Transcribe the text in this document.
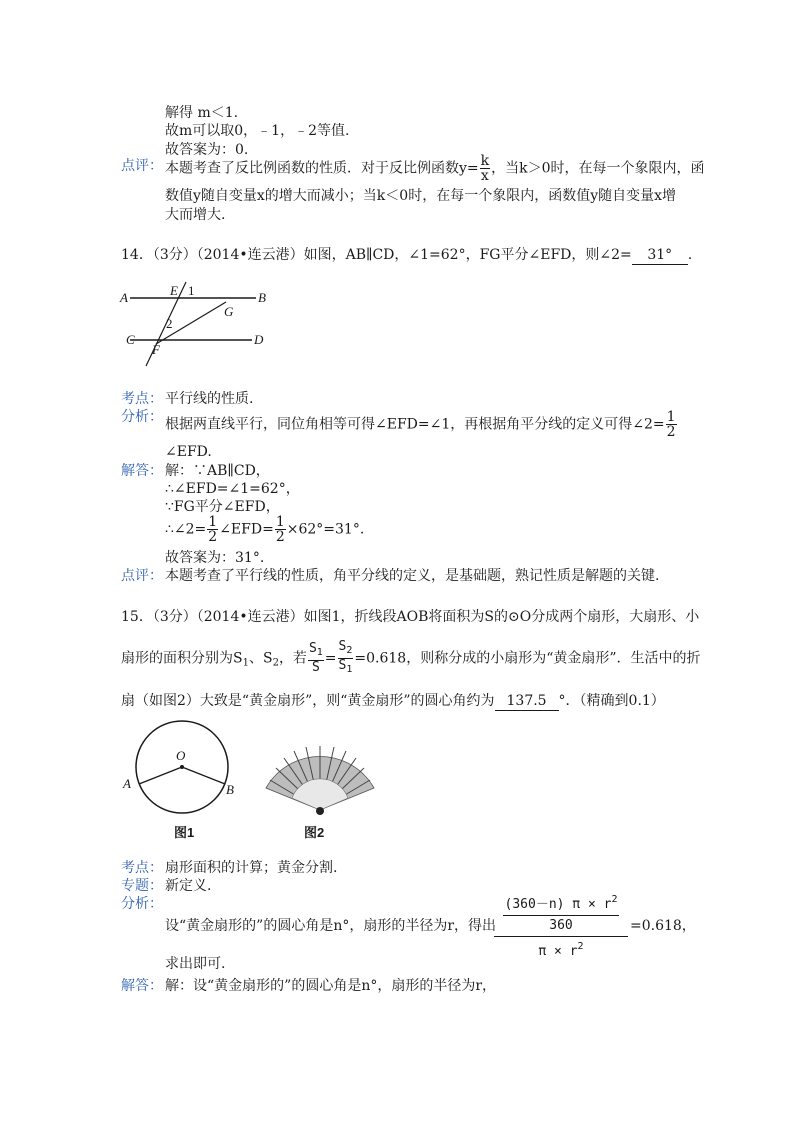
解得 m＜1.
故m可以取0，﹣1，﹣2等值.
故答案为：0.
点评： 本题考查了反比例函数的性质．对于反比例函数$y= \frac{k}{x}$ ，当k＞0时，在每一个象限内，函
数值y随自变量x的增大而减小；当k＜0时，在每一个象限内，函数值y随自变量x增
大而增大.
14．（3分）（2014•连云港）如图，AB∥CD，∠1=62°，FG平分∠EFD，则∠2= 31° .
A	B
C	D
E
F
G
1
2
考点： 平行线的性质.
分析： 根据两直线平行，同位角相等可得∠EFD=∠1，再根据角平分线的定义可得∠2= $\frac{1}{2}$
∠EFD.
解答： 解：∵AB∥CD，
∴∠EFD=∠1=62°，
∵FG平分∠EFD，
∴∠2= $\frac{1}{2}$ ∠EFD= $\frac{1}{2} \times 62^\circ=31^\circ$.
故答案为：31°.
点评： 本题考查了平行线的性质，角平分线的定义，是基础题，熟记性质是解题的关键.
15．（3分）（2014•连云港）如图1，折线段AOB将面积为S的⊙O分成两个扇形，大扇形、小
扇形的面积分别为$S_1$、$S_2$，若 $\frac{S_1}{S} = \frac{S_2}{S_1} =0.618$，则称分成的小扇形为“黄金扇形”．生活中的折
扇（如图2）大致是“黄金扇形”，则“黄金扇形”的圆心角约为 137.5 °．（精确到0.1）
O
A	B
图1	图2
考点： 扇形面积的计算；黄金分割.
专题： 新定义.
分析：
设“黄金扇形的”的圆心角是n°，扇形的半径为r，得出
$\frac{\frac{(360-n) \pi \times r^2}{360}}{\pi \times r^2} =0.618$，
求出即可.
解答： 解：设“黄金扇形的”的圆心角是n°，扇形的半径为r，
